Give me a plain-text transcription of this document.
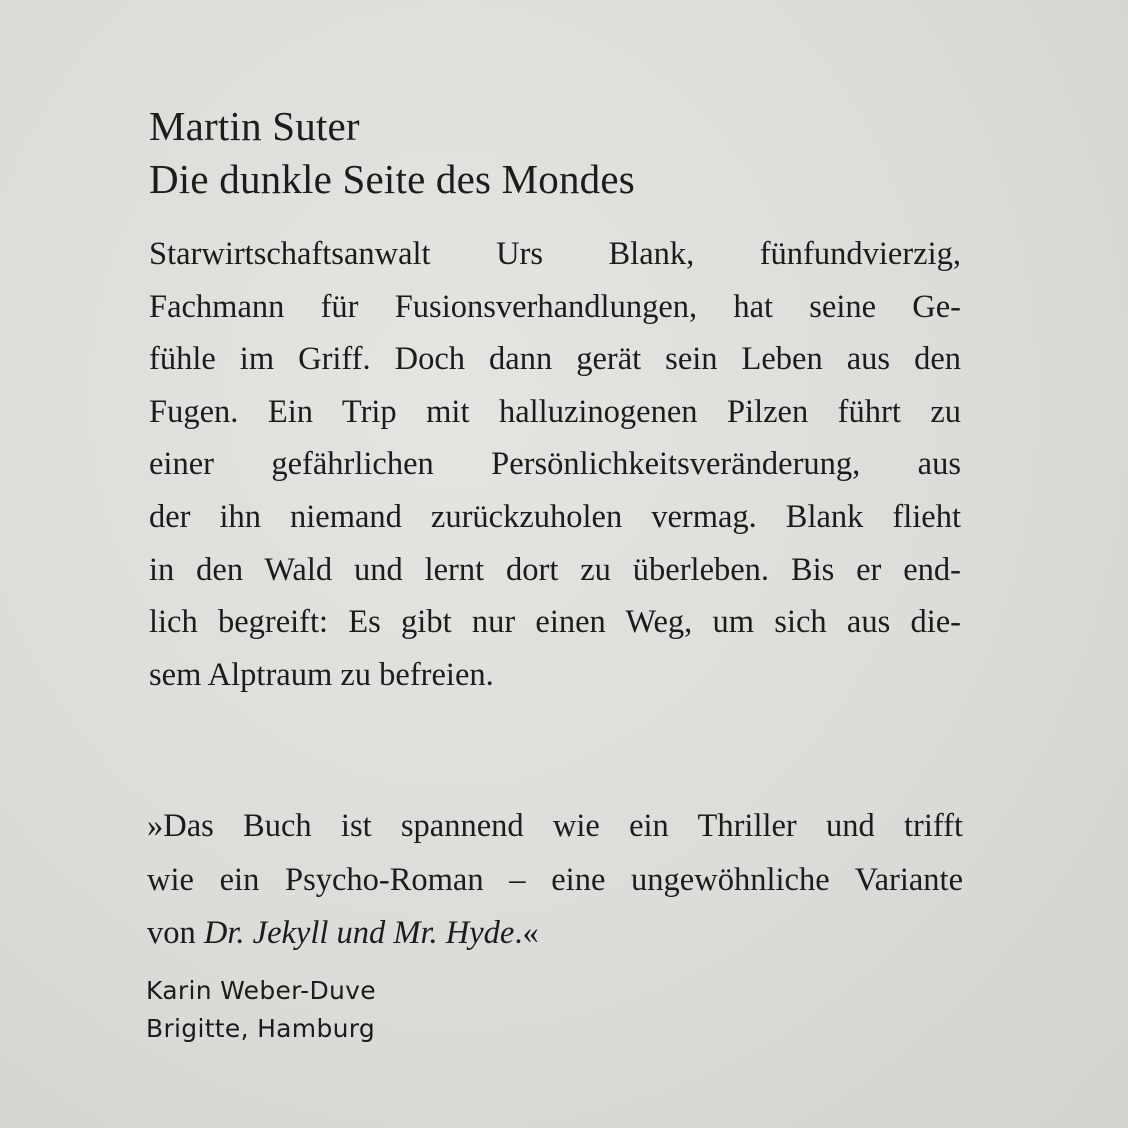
Martin Suter
Die dunkle Seite des Mondes
Starwirtschaftsanwalt Urs Blank, fünfundvierzig,
Fachmann für Fusionsverhandlungen, hat seine Ge-
fühle im Griff. Doch dann gerät sein Leben aus den
Fugen. Ein Trip mit halluzinogenen Pilzen führt zu
einer gefährlichen Persönlichkeitsveränderung, aus
der ihn niemand zurückzuholen vermag. Blank flieht
in den Wald und lernt dort zu überleben. Bis er end-
lich begreift: Es gibt nur einen Weg, um sich aus die-
sem Alptraum zu befreien.
»Das Buch ist spannend wie ein Thriller und trifft
wie ein Psycho-Roman – eine ungewöhnliche Variante
von Dr. Jekyll und Mr. Hyde.«
Karin Weber-Duve
Brigitte, Hamburg
